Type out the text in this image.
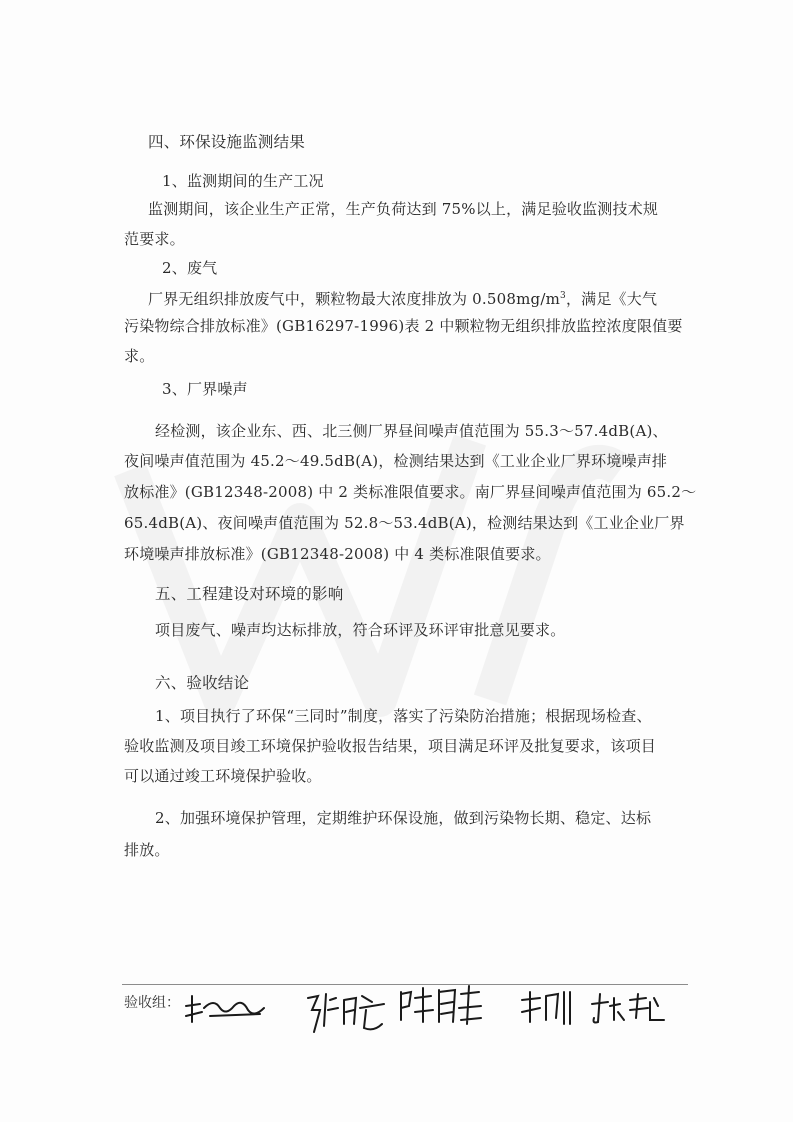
四、环保设施监测结果
1、监测期间的生产工况
监测期间，该企业生产正常，生产负荷达到 75%以上，满足验收监测技术规
范要求。
2、废气
厂界无组织排放废气中，颗粒物最大浓度排放为 $0.508mg/m^3$，满足《大气
污染物综合排放标准》(GB16297-1996)表 2 中颗粒物无组织排放监控浓度限值要
求。
3、厂界噪声
经检测，该企业东、西、北三侧厂界昼间噪声值范围为 55.3～57.4dB(A)、
夜间噪声值范围为 45.2～49.5dB(A)，检测结果达到《工业企业厂界环境噪声排
放标准》(GB12348-2008) 中 2 类标准限值要求。南厂界昼间噪声值范围为 65.2～
65.4dB(A)、夜间噪声值范围为 52.8～53.4dB(A)，检测结果达到《工业企业厂界
环境噪声排放标准》(GB12348-2008) 中 4 类标准限值要求。
五、工程建设对环境的影响
项目废气、噪声均达标排放，符合环评及环评审批意见要求。
六、验收结论
1、项目执行了环保“三同时”制度，落实了污染防治措施；根据现场检查、
验收监测及项目竣工环境保护验收报告结果，项目满足环评及批复要求，该项目
可以通过竣工环境保护验收。
2、加强环境保护管理，定期维护环保设施，做到污染物长期、稳定、达标
排放。
验收组：
